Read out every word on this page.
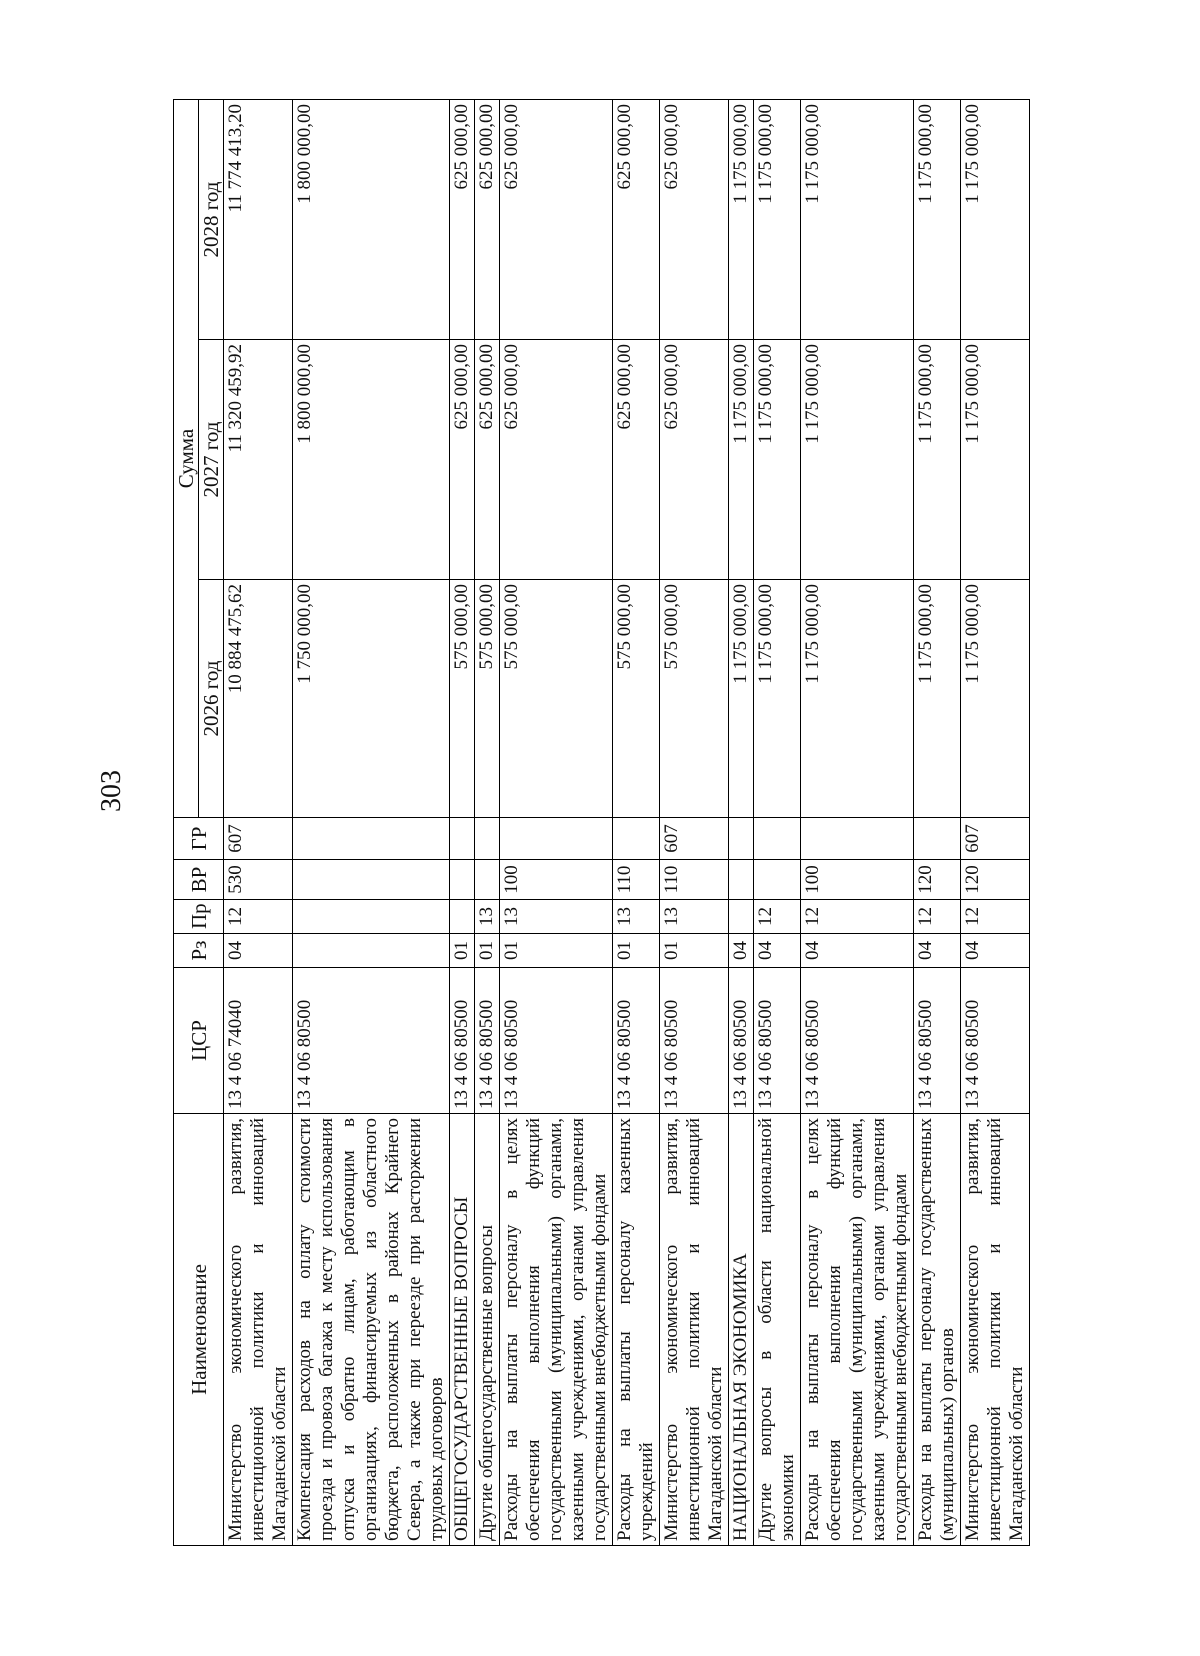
303
Наименование	ЦСР	Рз	Пр	ВР	ГР	Сумма		
						2026 год	2027 год	2028 год
Министерство экономического развития, инвестиционной политики и инноваций Магаданской области	13 4 06 74040	04	12	530	607	10 884 475,62	11 320 459,92	11 774 413,20
Компенсация расходов на оплату стоимости проезда и провоза багажа к месту использования отпуска и обратно лицам, работающим в организациях, финансируемых из областного бюджета, расположенных в районах Крайнего Севера, а также при переезде при расторжении трудовых договоров	13 4 06 80500					1 750 000,00	1 800 000,00	1 800 000,00
ОБЩЕГОСУДАРСТВЕННЫЕ ВОПРОСЫ	13 4 06 80500	01				575 000,00	625 000,00	625 000,00
Другие общегосударственные вопросы	13 4 06 80500	01	13			575 000,00	625 000,00	625 000,00
Расходы на выплаты персоналу в целях обеспечения выполнения функций государственными (муниципальными) органами, казенными учреждениями, органами управления государственными внебюджетными фондами	13 4 06 80500	01	13	100		575 000,00	625 000,00	625 000,00
Расходы на выплаты персоналу казенных учреждений	13 4 06 80500	01	13	110		575 000,00	625 000,00	625 000,00
Министерство экономического развития, инвестиционной политики и инноваций Магаданской области	13 4 06 80500	01	13	110	607	575 000,00	625 000,00	625 000,00
НАЦИОНАЛЬНАЯ ЭКОНОМИКА	13 4 06 80500	04				1 175 000,00	1 175 000,00	1 175 000,00
Другие вопросы в области национальной экономики	13 4 06 80500	04	12			1 175 000,00	1 175 000,00	1 175 000,00
Расходы на выплаты персоналу в целях обеспечения выполнения функций государственными (муниципальными) органами, казенными учреждениями, органами управления государственными внебюджетными фондами	13 4 06 80500	04	12	100		1 175 000,00	1 175 000,00	1 175 000,00
Расходы на выплаты персоналу государственных (муниципальных) органов	13 4 06 80500	04	12	120		1 175 000,00	1 175 000,00	1 175 000,00
Министерство экономического развития, инвестиционной политики и инноваций Магаданской области	13 4 06 80500	04	12	120	607	1 175 000,00	1 175 000,00	1 175 000,00
